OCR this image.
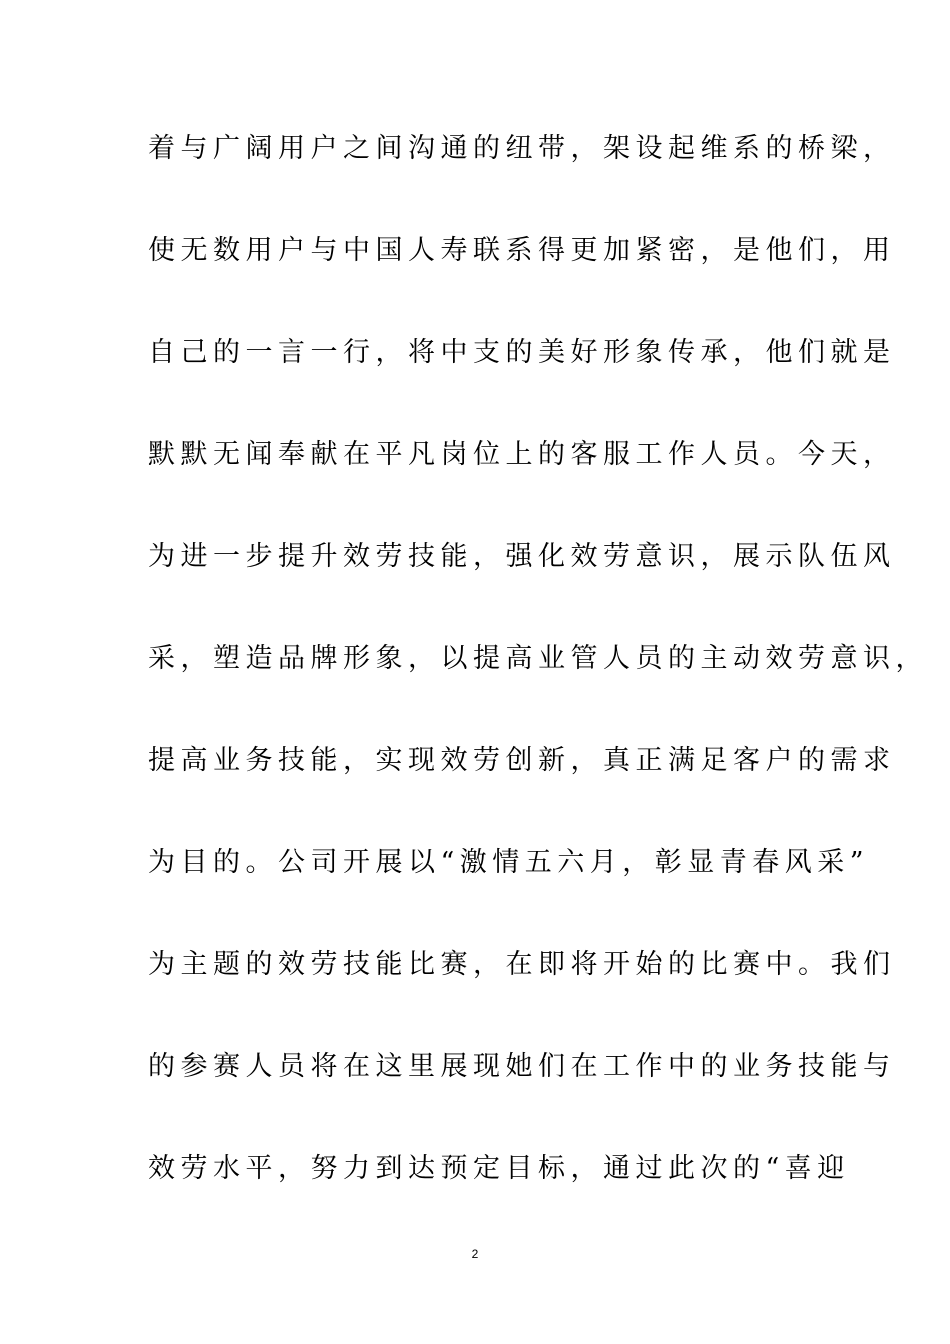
着与广阔用户之间沟通的纽带，架设起维系的桥梁，
使无数用户与中国人寿联系得更加紧密，是他们，用
自己的一言一行，将中支的美好形象传承，他们就是
默默无闻奉献在平凡岗位上的客服工作人员。今天，
为进一步提升效劳技能，强化效劳意识，展示队伍风
采，塑造品牌形象，以提高业管人员的主动效劳意识，
提高业务技能，实现效劳创新，真正满足客户的需求
为目的。公司开展以“激情五六月，彰显青春风采”
为主题的效劳技能比赛，在即将开始的比赛中。我们
的参赛人员将在这里展现她们在工作中的业务技能与
效劳水平，努力到达预定目标，通过此次的“喜迎
2
